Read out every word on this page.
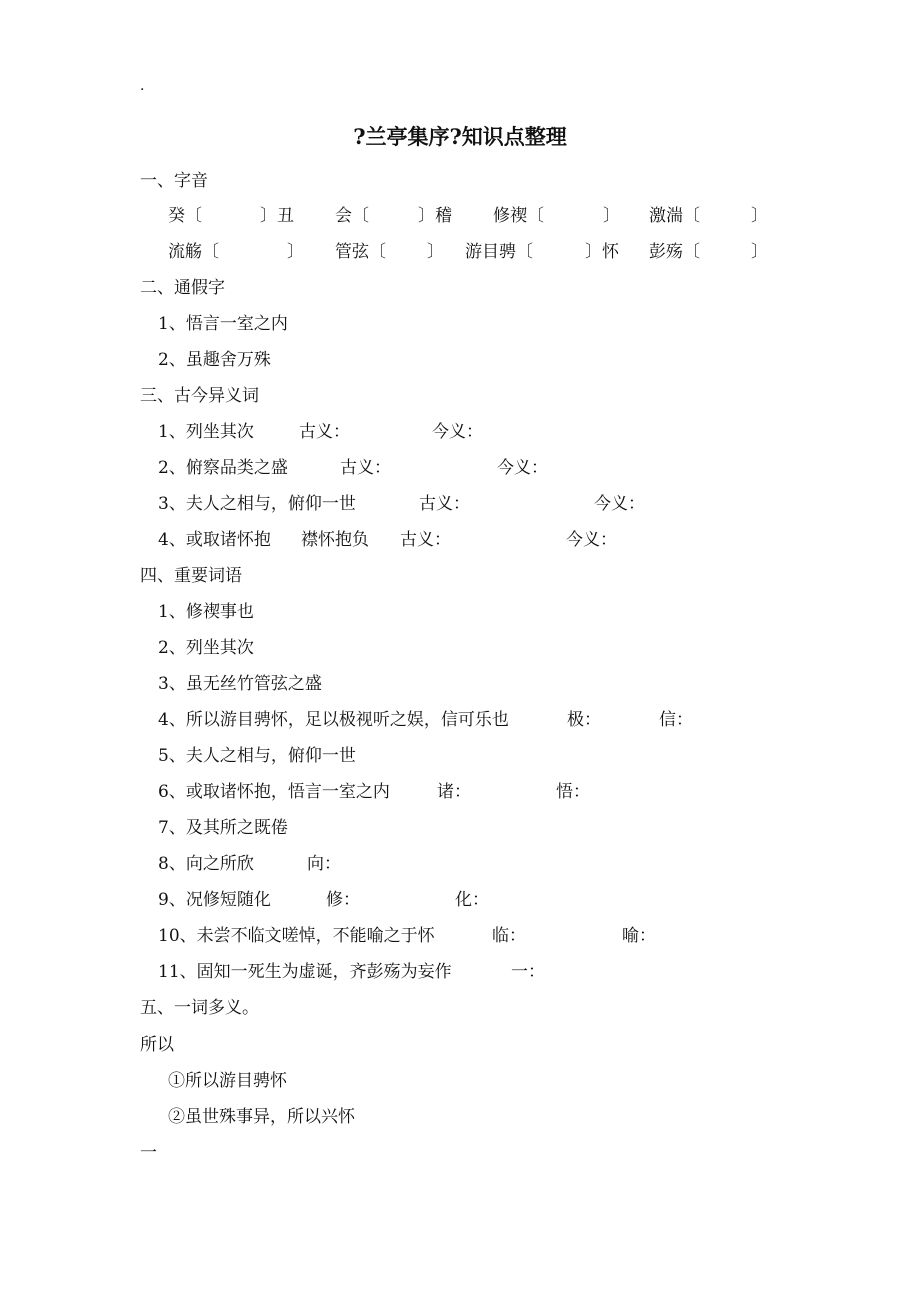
.
?兰亭集序?知识点整理
一、字音
癸〔	〕丑 会〔	〕稽 修禊〔	〕 激湍〔	〕
流觞〔	〕 管弦〔 〕 游目骋〔	〕怀 彭殇〔	〕
二、通假字
1、悟言一室之内
2、虽趣舍万殊
三、古今异义词
1、列坐其次	古义：	今义：
2、俯察品类之盛	古义：	今义：
3、夫人之相与，俯仰一世	古义：	今义：
4、或取诸怀抱 襟怀抱负 古义：	今义：
四、重要词语
1、修禊事也
2、列坐其次
3、虽无丝竹管弦之盛
4、所以游目骋怀，足以极视听之娱，信可乐也	极：	信：
5、夫人之相与，俯仰一世
6、或取诸怀抱，悟言一室之内	诸：	悟：
7、及其所之既倦
8、向之所欣	向：
9、况修短随化	修：	化：
10、未尝不临文嗟悼，不能喻之于怀	临：	喻：
11、固知一死生为虚诞，齐彭殇为妄作	一：
五、一词多义。
所以
①所以游目骋怀
②虽世殊事异，所以兴怀
一
